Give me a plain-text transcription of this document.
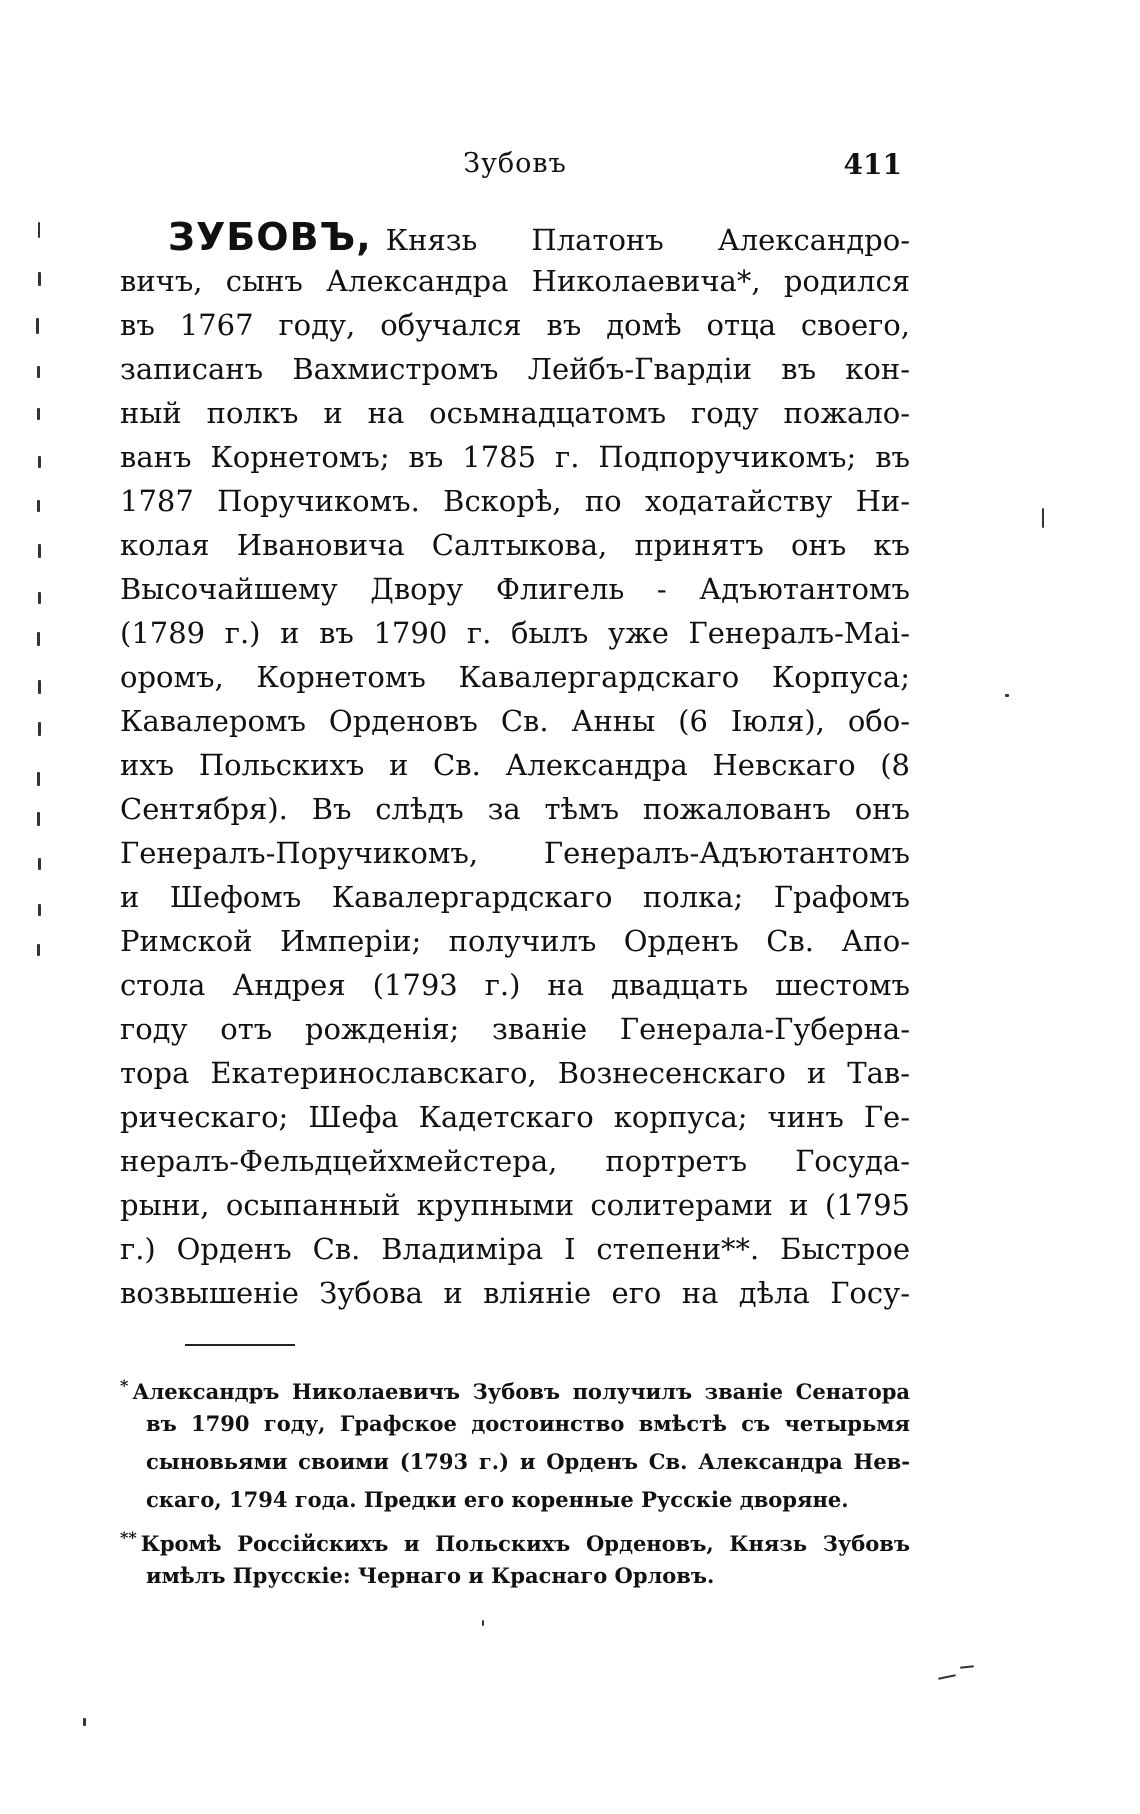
Зубовъ	411
ЗУБОВЪ, Князь Платонъ Александро-
вичъ, сынъ Александра Николаевича*, родился
въ 1767 году, обучался въ домѣ отца своего,
записанъ Вахмистромъ Лейбъ-Гвардіи въ кон-
ный полкъ и на осьмнадцатомъ году пожало-
ванъ Корнетомъ; въ 1785 г. Подпоручикомъ; въ
1787 Поручикомъ. Вскорѣ, по ходатайству Ни-
колая Ивановича Салтыкова, принятъ онъ къ
Высочайшему Двору Флигель - Адъютантомъ
(1789 г.) и въ 1790 г. былъ уже Генералъ-Маі-
оромъ, Корнетомъ Кавалергардскаго Корпуса;
Кавалеромъ Орденовъ Св. Анны (6 Іюля), обо-
ихъ Польскихъ и Св. Александра Невскаго (8
Сентября). Въ слѣдъ за тѣмъ пожалованъ онъ
Генералъ-Поручикомъ, Генералъ-Адъютантомъ
и Шефомъ Кавалергардскаго полка; Графомъ
Римской Имперіи; получилъ Орденъ Св. Апо-
стола Андрея (1793 г.) на двадцать шестомъ
году отъ рожденія; званіе Генерала-Губерна-
тора Екатеринославскаго, Вознесенскаго и Тав-
рическаго; Шефа Кадетскаго корпуса; чинъ Ге-
нералъ-Фельдцейхмейстера, портретъ Госуда-
рыни, осыпанный крупными солитерами и (1795
г.) Орденъ Св. Владиміра I степени**. Быстрое
возвышеніе Зубова и вліяніе его на дѣла Госу-
* Александръ Николаевичъ Зубовъ получилъ званіе Сенатора
въ 1790 году, Графское достоинство вмѣстѣ съ четырьмя
сыновьями своими (1793 г.) и Орденъ Св. Александра Нев-
скаго, 1794 года. Предки его коренные Русскіе дворяне.
** Кромѣ Россійскихъ и Польскихъ Орденовъ, Князь Зубовъ
имѣлъ Прусскіе: Чернаго и Краснаго Орловъ.
